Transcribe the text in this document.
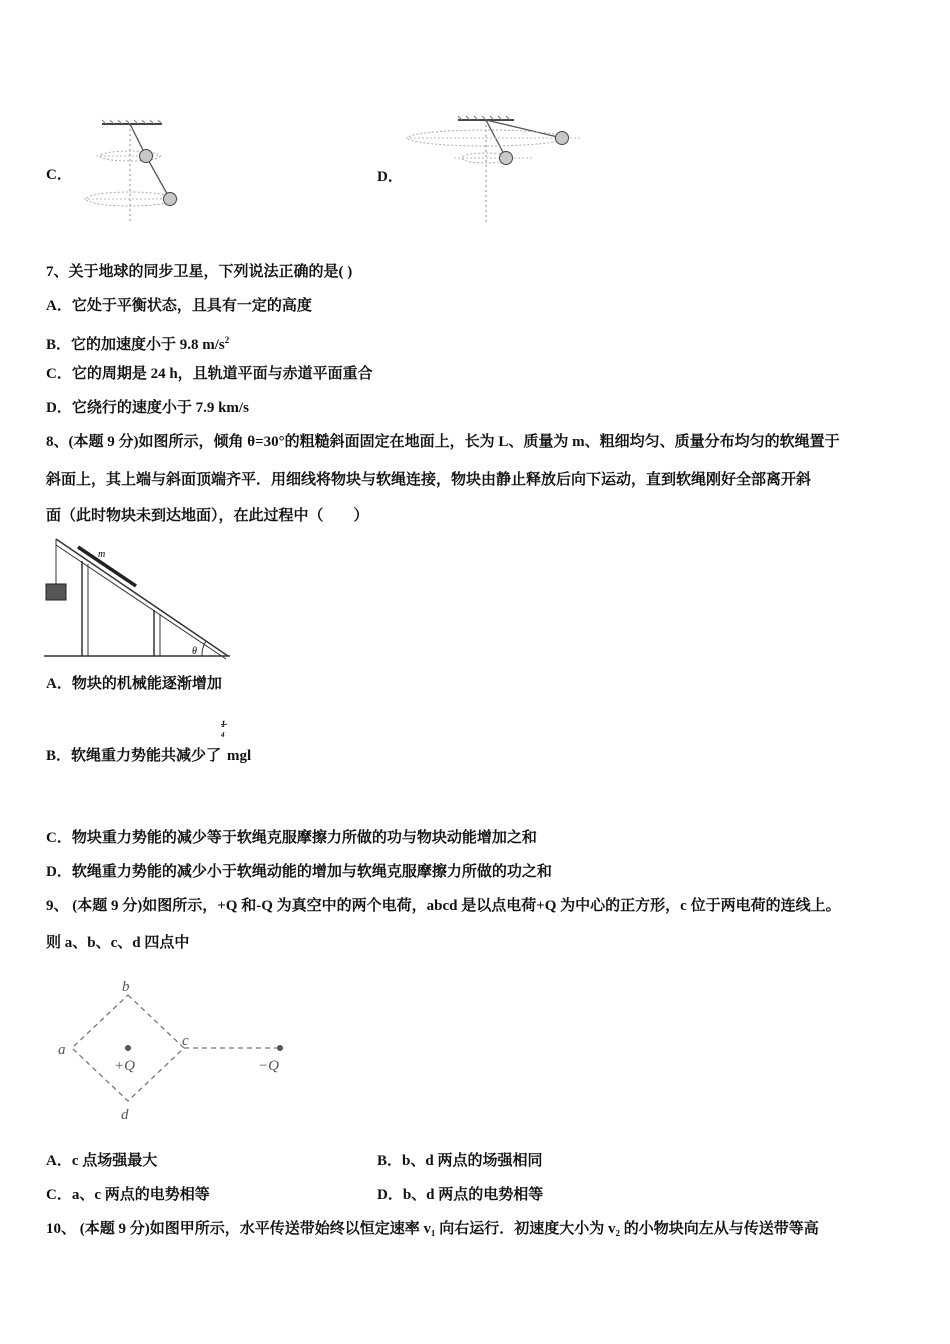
C．	D．
7、关于地球的同步卫星，下列说法正确的是( )
A．它处于平衡状态，且具有一定的高度
B．它的加速度小于 9.8 $m/s^2$
C．它的周期是 24 h，且轨道平面与赤道平面重合
D．它绕行的速度小于 7.9 km/s
8、(本题 9 分)如图所示，倾角 θ=30°的粗糙斜面固定在地面上，长为 L、质量为 m、粗细均匀、质量分布均匀的软绳置于
斜面上，其上端与斜面顶端齐平．用细线将物块与软绳连接，物块由静止释放后向下运动，直到软绳刚好全部离开斜
面（此时物块未到达地面），在此过程中（　　）
m
θ
A．物块的机械能逐渐增加
B．软绳重力势能共减少了
1
4
mgl
C．物块重力势能的减少等于软绳克服摩擦力所做的功与物块动能增加之和
D．软绳重力势能的减少小于软绳动能的增加与软绳克服摩擦力所做的功之和
9、 (本题 9 分)如图所示，+Q 和-Q 为真空中的两个电荷，abcd 是以点电荷+Q 为中心的正方形，c 位于两电荷的连线上。
则 a、b、c、d 四点中
b
a
c
d
+Q	−Q
A．c 点场强最大	B．b、d 两点的场强相同
C．a、c 两点的电势相等	D．b、d 两点的电势相等
10、 (本题 9 分)如图甲所示，水平传送带始终以恒定速率 v₁ 向右运行．初速度大小为 v₂ 的小物块向左从与传送带等高
